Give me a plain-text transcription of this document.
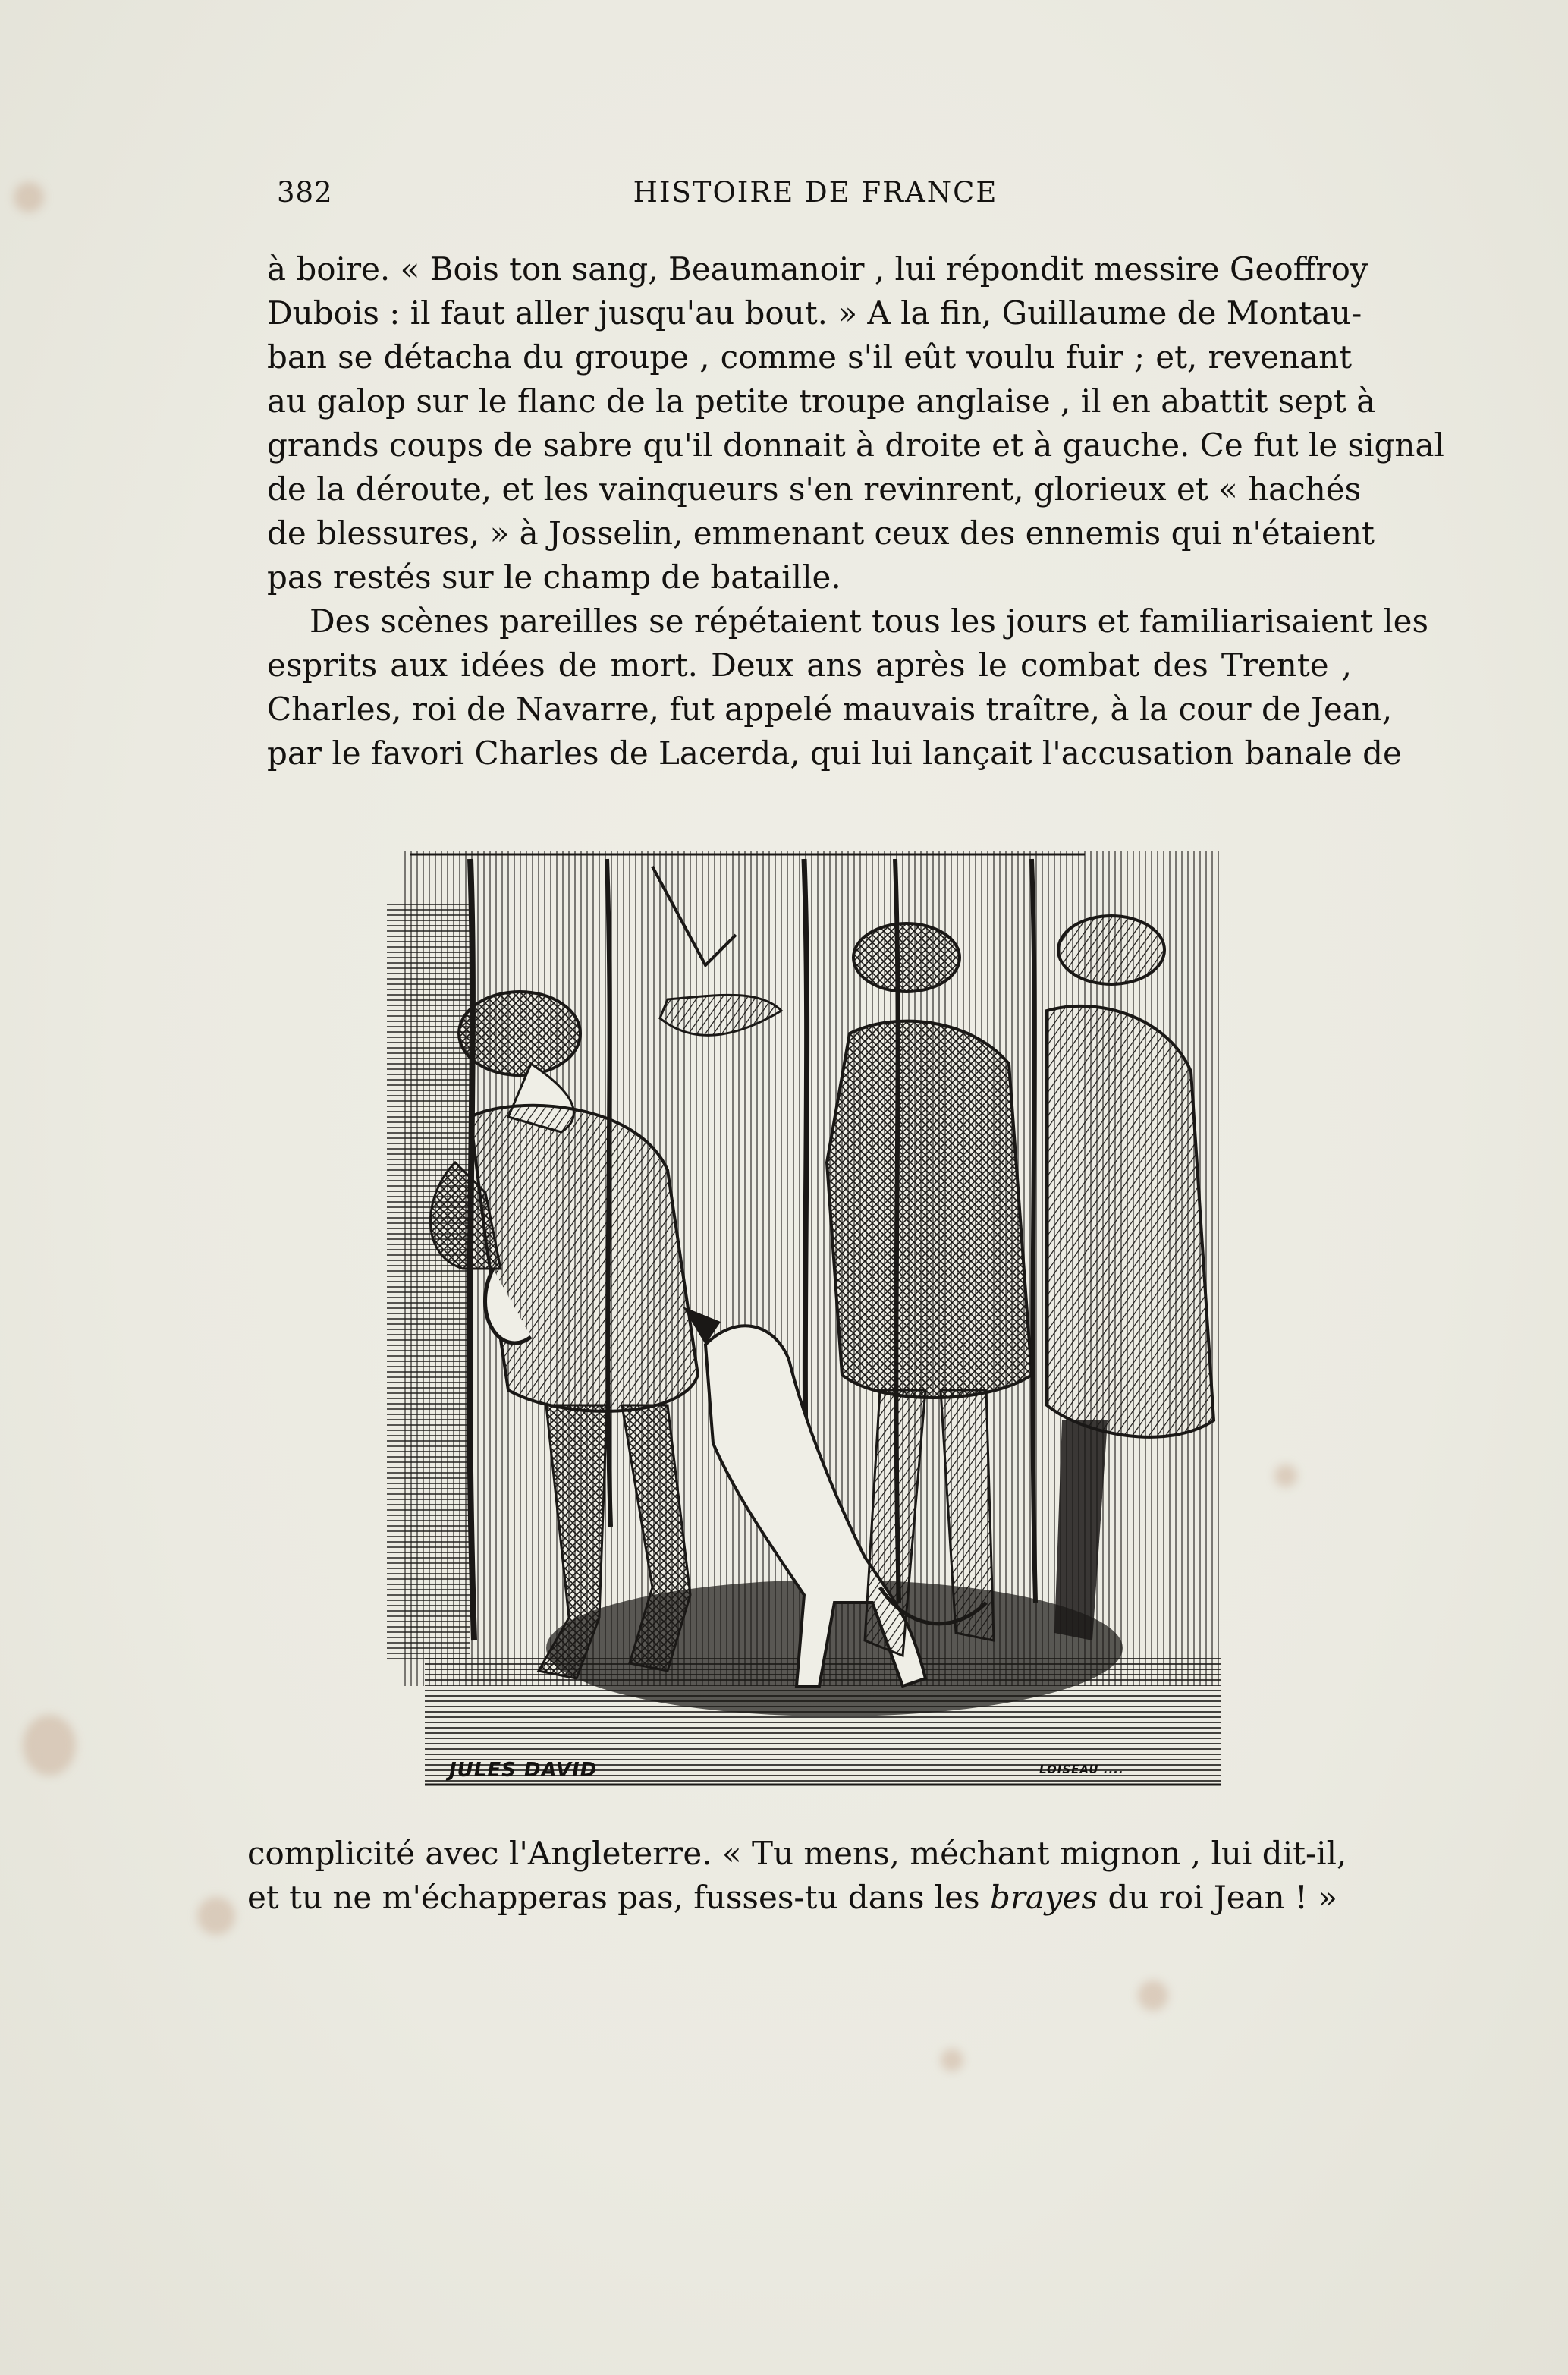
382	HISTOIRE DE FRANCE
à boire. « Bois ton sang, Beaumanoir , lui répondit messire Geoffroy
Dubois : il faut aller jusqu'au bout. » A la fin, Guillaume de Montau-
ban se détacha du groupe , comme s'il eût voulu fuir ; et, revenant
au galop sur le flanc de la petite troupe anglaise , il en abattit sept à
grands coups de sabre qu'il donnait à droite et à gauche. Ce fut le signal
de la déroute, et les vainqueurs s'en revinrent, glorieux et « hachés
de blessures, » à Josselin, emmenant ceux des ennemis qui n'étaient
pas restés sur le champ de bataille.
Des scènes pareilles se répétaient tous les jours et familiarisaient les
esprits aux idées de mort. Deux ans après le combat des Trente ,
Charles, roi de Navarre, fut appelé mauvais traître, à la cour de Jean,
par le favori Charles de Lacerda, qui lui lançait l'accusation banale de
JULES DAVID	LOISEAU ....
complicité avec l'Angleterre. « Tu mens, méchant mignon , lui dit-il,
et tu ne m'échapperas pas, fusses-tu dans les brayes du roi Jean ! »
